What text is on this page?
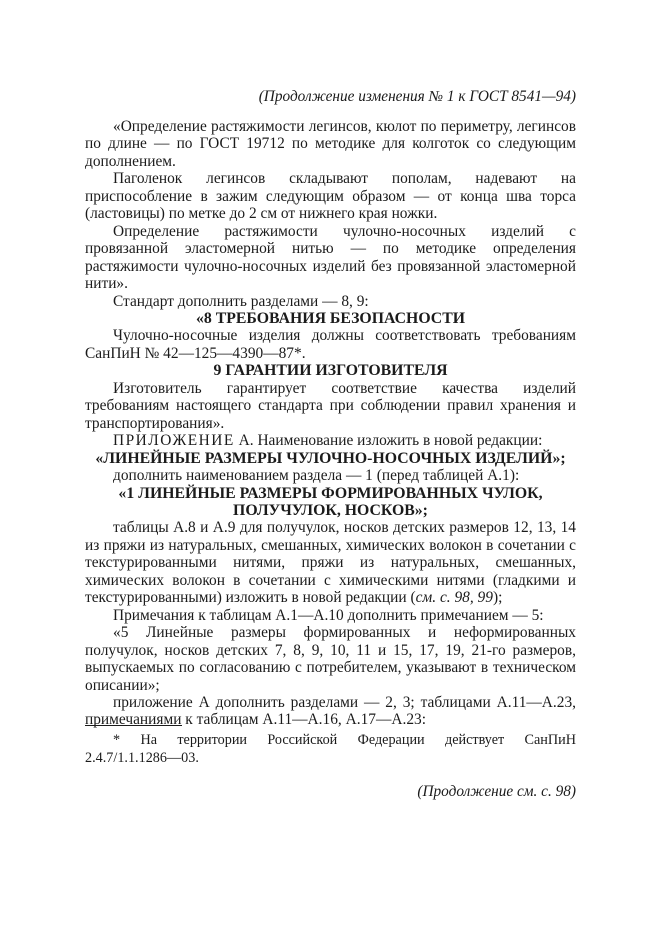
(Продолжение изменения № 1 к ГОСТ 8541—94)

«Определение растяжимости легинсов, кюлот по периметру, легинсов по длине — по ГОСТ 19712 по методике для колготок со следующим дополнением.

Паголенок легинсов складывают пополам, надевают на приспособление в зажим следующим образом — от конца шва торса (ластовицы) по метке до 2 см от нижнего края ножки.

Определение растяжимости чулочно-носочных изделий с провязанной эластомерной нитью — по методике определения растяжимости чулочно-носочных изделий без провязанной эластомерной нити».

Стандарт дополнить разделами — 8, 9:

«8 ТРЕБОВАНИЯ БЕЗОПАСНОСТИ

Чулочно-носочные изделия должны соответствовать требованиям СанПиН № 42—125—4390—87*.

9 ГАРАНТИИ ИЗГОТОВИТЕЛЯ

Изготовитель гарантирует соответствие качества изделий требованиям настоящего стандарта при соблюдении правил хранения и транспортирования».

ПРИЛОЖЕНИЕ А. Наименование изложить в новой редакции:

«ЛИНЕЙНЫЕ РАЗМЕРЫ ЧУЛОЧНО-НОСОЧНЫХ ИЗДЕЛИЙ»;

дополнить наименованием раздела — 1 (перед таблицей А.1):

«1 ЛИНЕЙНЫЕ РАЗМЕРЫ ФОРМИРОВАННЫХ ЧУЛОК,
ПОЛУЧУЛОК, НОСКОВ»;

таблицы А.8 и А.9 для получулок, носков детских размеров 12, 13, 14 из пряжи из натуральных, смешанных, химических волокон в сочетании с текстурированными нитями, пряжи из натуральных, смешанных, химических волокон в сочетании с химическими нитями (гладкими и текстурированными) изложить в новой редакции (см. с. 98, 99);

Примечания к таблицам А.1—А.10 дополнить примечанием — 5:

«5 Линейные размеры формированных и неформированных получулок, носков детских 7, 8, 9, 10, 11 и 15, 17, 19, 21-го размеров, выпускаемых по согласованию с потребителем, указывают в техническом описании»;

приложение А дополнить разделами — 2, 3; таблицами А.11—А.23, примечаниями к таблицам А.11—А.16, А.17—А.23:

* На территории Российской Федерации действует СанПиН
2.4.7/1.1.1286—03.
(Продолжение см. с. 98)
